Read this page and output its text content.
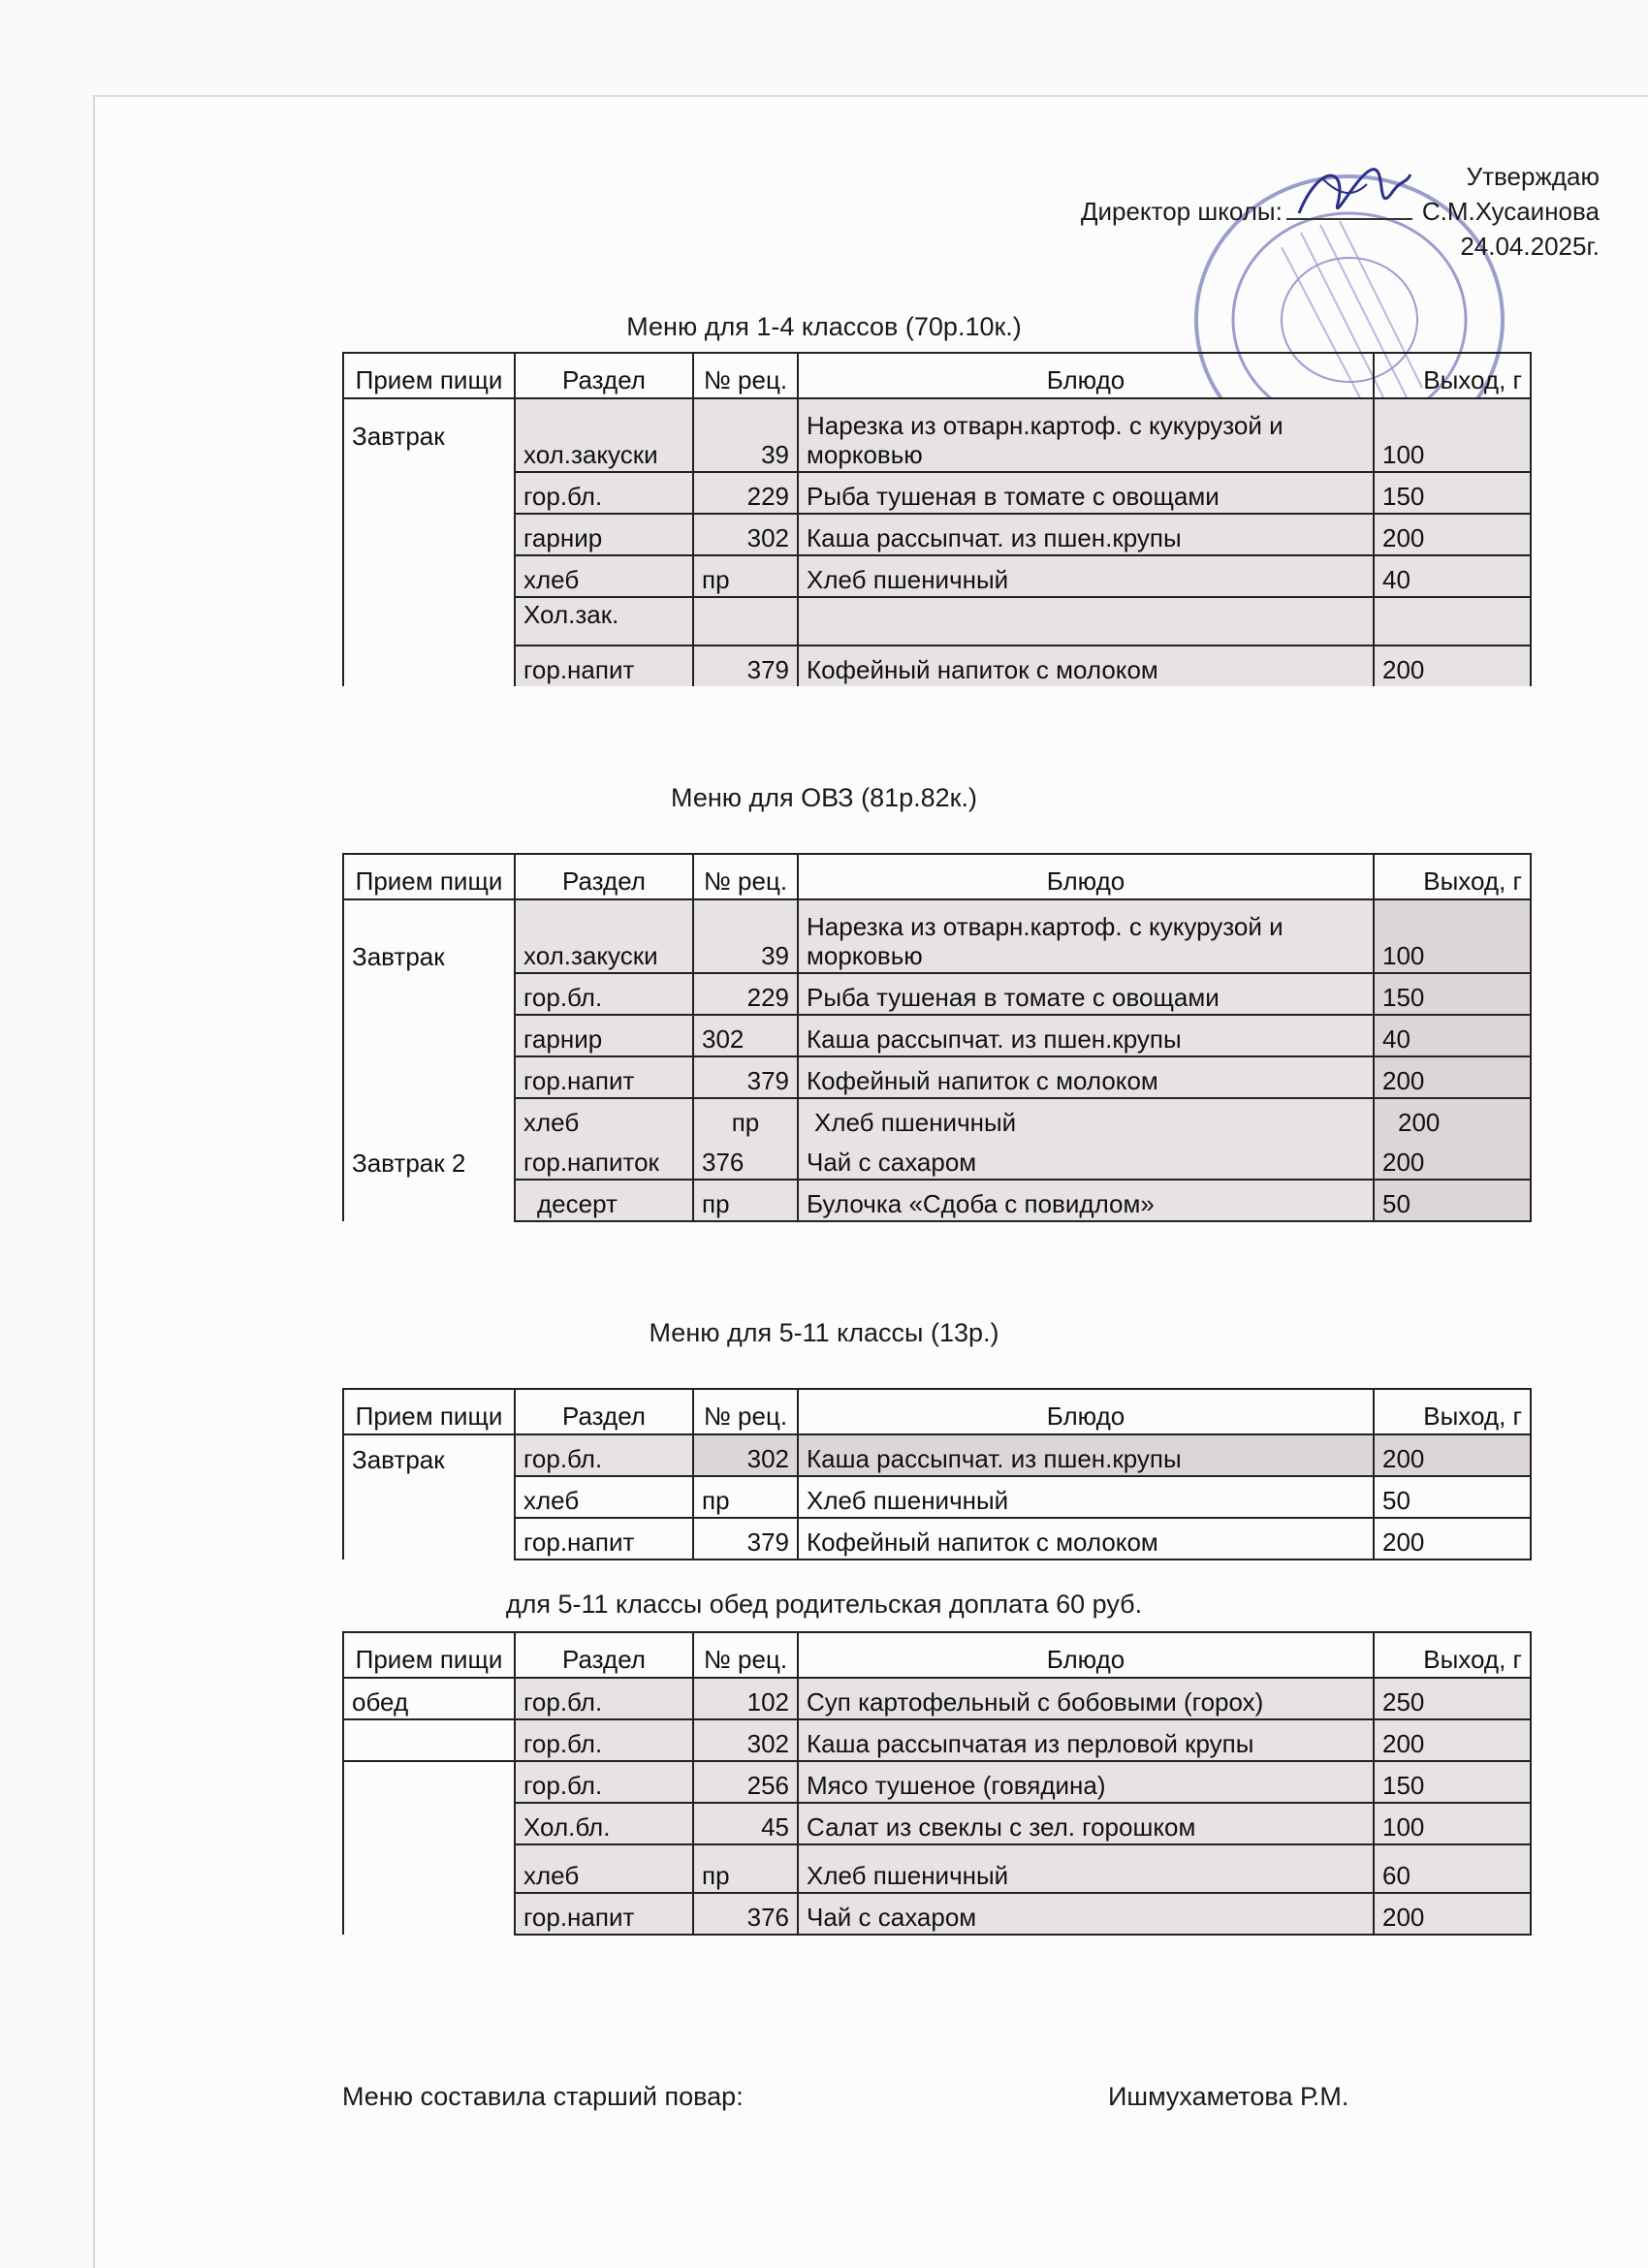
Утверждаю
Директор школы:	С.М.Хусаинова
24.04.2025г.
Меню для 1-4 классов (70р.10к.)
Прием пищи	Раздел	№ рец.	Блюдо	Выход, г
Завтрак	хол.закуски	39	Нарезка из отварн.картоф. с кукурузой и морковью	100
	гор.бл.	229	Рыба тушеная в томате с овощами	150
	гарнир	302	Каша рассыпчат. из пшен.крупы	200
	хлеб	пр	Хлеб пшеничный	40
	Хол.зак.			
	гор.напит	379	Кофейный напиток с молоком	200
Меню для ОВЗ (81р.82к.)
Прием пищи	Раздел	№ рец.	Блюдо	Выход, г
Завтрак	хол.закуски	39	Нарезка из отварн.картоф. с кукурузой и морковью	100
	гор.бл.	229	Рыба тушеная в томате с овощами	150
	гарнир	302	Каша рассыпчат. из пшен.крупы	40
	гор.напит	379	Кофейный напиток с молоком	200
Завтрак 2	хлеб	пр	Хлеб пшеничный	200
	гор.напиток	376	Чай с сахаром	200
	десерт	пр	Булочка «Сдоба с повидлом»	50
Меню для 5-11 классы (13р.)
Прием пищи	Раздел	№ рец.	Блюдо	Выход, г
Завтрак	гор.бл.	302	Каша рассыпчат. из пшен.крупы	200
	хлеб	пр	Хлеб пшеничный	50
	гор.напит	379	Кофейный напиток с молоком	200
для 5-11 классы обед родительская доплата 60 руб.
Прием пищи	Раздел	№ рец.	Блюдо	Выход, г
обед	гор.бл.	102	Суп картофельный с бобовыми (горох)	250
	гор.бл.	302	Каша рассыпчатая из перловой крупы	200
	гор.бл.	256	Мясо тушеное (говядина)	150
	Хол.бл.	45	Салат из свеклы с зел. горошком	100
	хлеб	пр	Хлеб пшеничный	60
	гор.напит	376	Чай с сахаром	200
Меню составила старший повар:	Ишмухаметова Р.М.
